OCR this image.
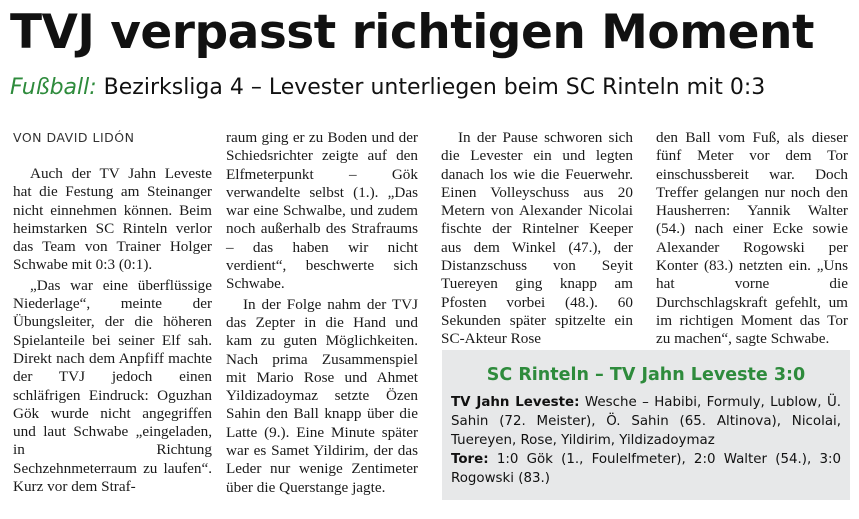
TVJ verpasst richtigen Moment
Fußball: Bezirksliga 4 – Levester unterliegen beim SC Rinteln mit 0:3

VON DAVID LIDÓN

Auch der TV Jahn Leveste hat die Festung am Steinanger nicht einnehmen können. Beim heimstarken SC Rinteln verlor das Team von Trainer Holger Schwabe mit 0:3 (0:1).

„Das war eine überflüssige Niederlage“, meinte der Übungsleiter, der die höheren Spielanteile bei seiner Elf sah. Direkt nach dem Anpfiff machte der TVJ jedoch einen schläfrigen Eindruck: Oguzhan Gök wurde nicht angegriffen und laut Schwabe „eingeladen, in Richtung Sechzehnmeterraum zu laufen“. Kurz vor dem Straf-

raum ging er zu Boden und der Schiedsrichter zeigte auf den Elfmeterpunkt – Gök verwandelte selbst (1.). „Das war eine Schwalbe, und zudem noch außerhalb des Strafraums – das haben wir nicht verdient“, beschwerte sich Schwabe.

In der Folge nahm der TVJ das Zepter in die Hand und kam zu guten Möglichkeiten. Nach prima Zusammenspiel mit Mario Rose und Ahmet Yildizadoymaz setzte Özen Sahin den Ball knapp über die Latte (9.). Eine Minute später war es Samet Yildirim, der das Leder nur wenige Zentimeter über die Querstange jagte.

In der Pause schworen sich die Levester ein und legten danach los wie die Feuerwehr. Einen Volleyschuss aus 20 Metern von Alexander Nicolai fischte der Rintelner Keeper aus dem Winkel (47.), der Distanzschuss von Seyit Tuereyen ging knapp am Pfosten vorbei (48.). 60 Sekunden später spitzelte ein SC-Akteur Rose

den Ball vom Fuß, als dieser fünf Meter vor dem Tor einschussbereit war. Doch Treffer gelangen nur noch den Hausherren: Yannik Walter (54.) nach einer Ecke sowie Alexander Rogowski per Konter (83.) netzten ein. „Uns hat vorne die Durchschlagskraft gefehlt, um im richtigen Moment das Tor zu machen“, sagte Schwabe.

SC Rinteln – TV Jahn Leveste 3:0

TV Jahn Leveste: Wesche – Habibi, Formuly, Lublow, Ü. Sahin (72. Meister), Ö. Sahin (65. Altinova), Nicolai, Tuereyen, Rose, Yildirim, Yildizadoymaz

Tore: 1:0 Gök (1., Foulelfmeter), 2:0 Walter (54.), 3:0 Rogowski (83.)
